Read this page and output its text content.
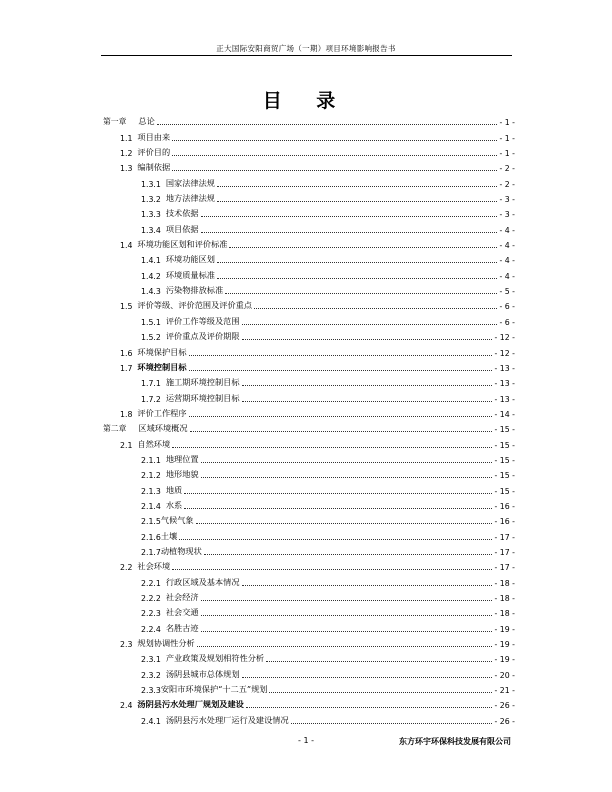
正大国际安阳商贸广场（一期）项目环境影响报告书
目 录
第一章 总论	- 1 -
1.1 项目由来	- 1 -
1.2 评价目的	- 1 -
1.3 编制依据	- 2 -
1.3.1 国家法律法规	- 2 -
1.3.2 地方法律法规	- 3 -
1.3.3 技术依据	- 3 -
1.3.4 项目依据	- 4 -
1.4 环境功能区划和评价标准	- 4 -
1.4.1 环境功能区划	- 4 -
1.4.2 环境质量标准	- 4 -
1.4.3 污染物排放标准	- 5 -
1.5 评价等级、评价范围及评价重点	- 6 -
1.5.1 评价工作等级及范围	- 6 -
1.5.2 评价重点及评价期限	- 12 -
1.6 环境保护目标	- 12 -
1.7 环境控制目标	- 13 -
1.7.1 施工期环境控制目标	- 13 -
1.7.2 运营期环境控制目标	- 13 -
1.8 评价工作程序	- 14 -
第二章 区域环境概况	- 15 -
2.1 自然环境	- 15 -
2.1.1 地理位置	- 15 -
2.1.2 地形地貌	- 15 -
2.1.3 地质	- 15 -
2.1.4 水系	- 16 -
2.1.5 气候气象	- 16 -
2.1.6 土壤	- 17 -
2.1.7 动植物现状	- 17 -
2.2 社会环境	- 17 -
2.2.1 行政区域及基本情况	- 18 -
2.2.2 社会经济	- 18 -
2.2.3 社会交通	- 18 -
2.2.4 名胜古迹	- 19 -
2.3 规划协调性分析	- 19 -
2.3.1 产业政策及规划相符性分析	- 19 -
2.3.2 汤阴县城市总体规划	- 20 -
2.3.3 安阳市环境保护“十二五”规划	- 21 -
2.4 汤阴县污水处理厂规划及建设	- 26 -
2.4.1 汤阴县污水处理厂运行及建设情况	- 26 -
- 1 -	东方环宇环保科技发展有限公司
